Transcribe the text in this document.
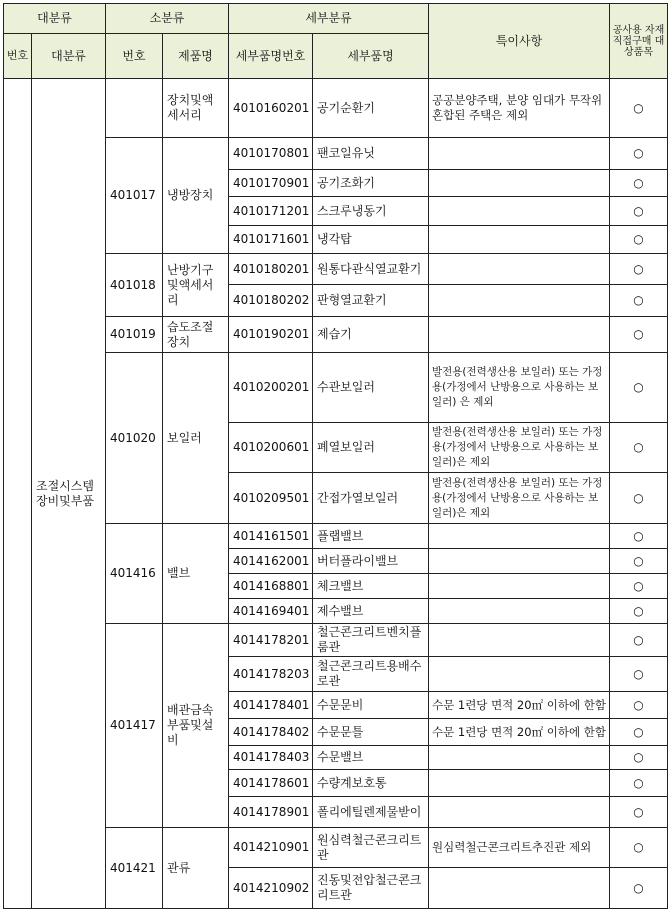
대분류		소분류		세부분류		특이사항	공사용 자재 직접구매 대상품목
번호	대분류	번호	제품명	세부품명번호	세부품명		
	조절시스템장비및부품		장치및액세서리	4010160201	공기순환기	공공분양주택, 분양 임대가 무작위 혼합된 주택은 제외	○
		401017	냉방장치	4010170801	팬코일유닛		○
				4010170901	공기조화기		○
				4010171201	스크루냉동기		○
				4010171601	냉각탑		○
		401018	난방기구및액세서리	4010180201	원통다관식열교환기		○
				4010180202	판형열교환기		○
		401019	습도조절장치	4010190201	제습기		○
		401020	보일러	4010200201	수관보일러	발전용(전력생산용 보일러) 또는 가정용(가정에서 난방용으로 사용하는 보일러) 은 제외	○
				4010200601	폐열보일러	발전용(전력생산용 보일러) 또는 가정용(가정에서 난방용으로 사용하는 보일러)은 제외	○
				4010209501	간접가열보일러	발전용(전력생산용 보일러) 또는 가정용(가정에서 난방용으로 사용하는 보일러)은 제외	○
		401416	밸브	4014161501	플랩밸브		○
				4014162001	버터플라이밸브		○
				4014168801	체크밸브		○
				4014169401	제수밸브		○
		401417	배관금속부품및설비	4014178201	철근콘크리트벤치플룸관		○
				4014178203	철근콘크리트용배수로관		○
				4014178401	수문문비	수문 1련당 면적 20㎡ 이하에 한함	○
				4014178402	수문문틀	수문 1련당 면적 20㎡ 이하에 한함	○
				4014178403	수문밸브		○
				4014178601	수량계보호통		○
				4014178901	폴리에틸렌제물받이		○
		401421	관류	4014210901	원심력철근콘크리트관	원심력철근콘크리트추진관 제외	○
				4014210902	진동및전압철근콘크리트관		○
